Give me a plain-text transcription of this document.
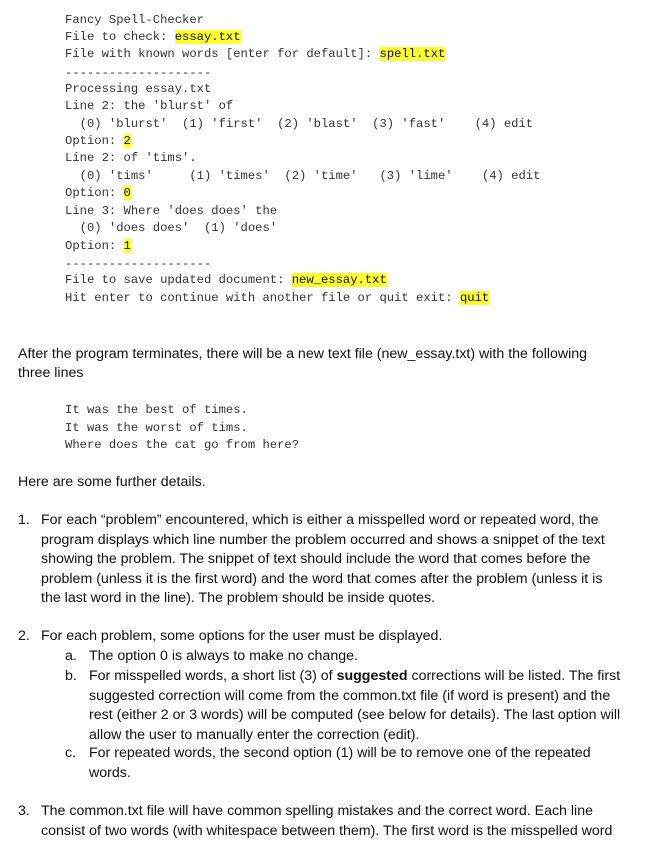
Fancy Spell-Checker
File to check: essay.txt
File with known words [enter for default]: spell.txt
--------------------
Processing essay.txt
Line 2: the 'blurst' of
(0) 'blurst'  (1) 'first'  (2) 'blast'  (3) 'fast'    (4) edit
Option: 2
Line 2: of 'tims'.
(0) 'tims'     (1) 'times'  (2) 'time'   (3) 'lime'    (4) edit
Option: 0
Line 3: Where 'does does' the
(0) 'does does'  (1) 'does'
Option: 1
--------------------
File to save updated document: new_essay.txt
Hit enter to continue with another file or quit exit: quit
After the program terminates, there will be a new text file (new_essay.txt) with the following
three lines
It was the best of times.
It was the worst of tims.
Where does the cat go from here?
Here are some further details.
1. For each “problem” encountered, which is either a misspelled word or repeated word, the
program displays which line number the problem occurred and shows a snippet of the text
showing the problem. The snippet of text should include the word that comes before the
problem (unless it is the first word) and the word that comes after the problem (unless it is
the last word in the line). The problem should be inside quotes.
2. For each problem, some options for the user must be displayed.
a. The option 0 is always to make no change.
b. For misspelled words, a short list (3) of suggested corrections will be listed. The first
suggested correction will come from the common.txt file (if word is present) and the
rest (either 2 or 3 words) will be computed (see below for details). The last option will
allow the user to manually enter the correction (edit).
c. For repeated words, the second option (1) will be to remove one of the repeated
words.
3. The common.txt file will have common spelling mistakes and the correct word. Each line
consist of two words (with whitespace between them). The first word is the misspelled word
